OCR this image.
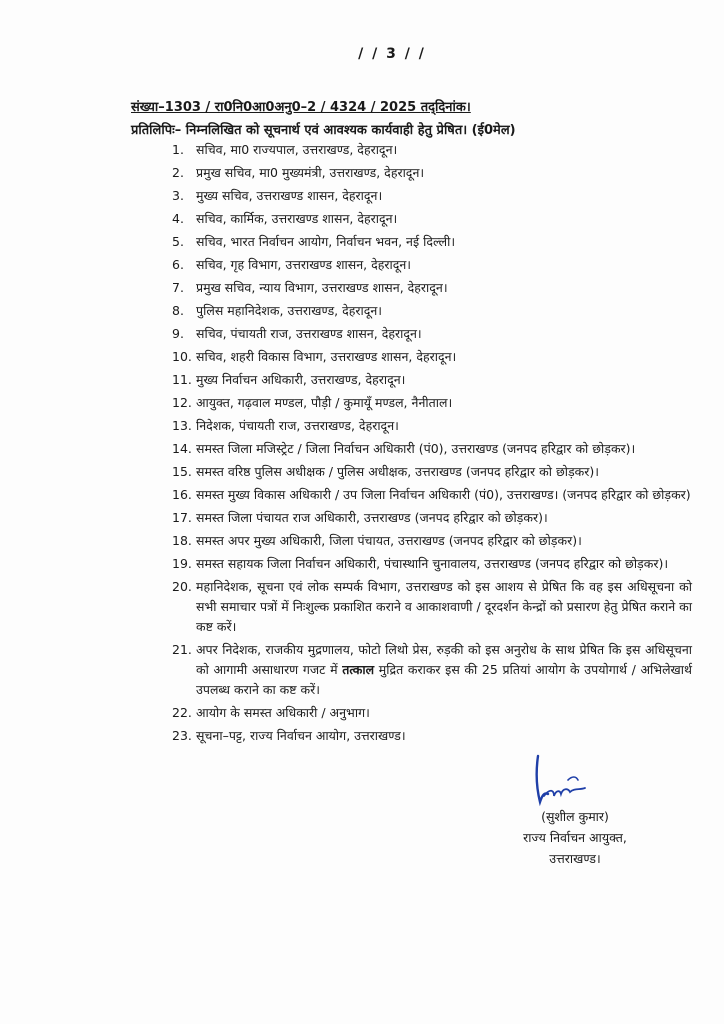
/ / 3 / /
संख्या–1303 / रा0नि0आ0अनु0–2 / 4324 / 2025 तद्‌दिनांक।
प्रतिलिपिः– निम्नलिखित को सूचनार्थ एवं आवश्यक कार्यवाही हेतु प्रेषित। (ई0मेल)
1. सचिव, मा0 राज्यपाल, उत्तराखण्ड, देहरादून।
2. प्रमुख सचिव, मा0 मुख्यमंत्री, उत्तराखण्ड, देहरादून।
3. मुख्य सचिव, उत्तराखण्ड शासन, देहरादून।
4. सचिव, कार्मिक, उत्तराखण्ड शासन, देहरादून।
5. सचिव, भारत निर्वाचन आयोग, निर्वाचन भवन, नई दिल्ली।
6. सचिव, गृह विभाग, उत्तराखण्ड शासन, देहरादून।
7. प्रमुख सचिव, न्याय विभाग, उत्तराखण्ड शासन, देहरादून।
8. पुलिस महानिदेशक, उत्तराखण्ड, देहरादून।
9. सचिव, पंचायती राज, उत्तराखण्ड शासन, देहरादून।
10. सचिव, शहरी विकास विभाग, उत्तराखण्ड शासन, देहरादून।
11. मुख्य निर्वाचन अधिकारी, उत्तराखण्ड, देहरादून।
12. आयुक्त, गढ़वाल मण्डल, पौड़ी / कुमायूँ मण्डल, नैनीताल।
13. निदेशक, पंचायती राज, उत्तराखण्ड, देहरादून।
14. समस्त जिला मजिस्ट्रेट / जिला निर्वाचन अधिकारी (पं0), उत्तराखण्ड (जनपद हरिद्वार को छोड़कर)।
15. समस्त वरिष्ठ पुलिस अधीक्षक / पुलिस अधीक्षक, उत्तराखण्ड (जनपद हरिद्वार को छोड़कर)।
16. समस्त मुख्य विकास अधिकारी / उप जिला निर्वाचन अधिकारी (पं0), उत्तराखण्ड। (जनपद हरिद्वार को छोड़कर)
17. समस्त जिला पंचायत राज अधिकारी, उत्तराखण्ड (जनपद हरिद्वार को छोड़कर)।
18. समस्त अपर मुख्य अधिकारी, जिला पंचायत, उत्तराखण्ड (जनपद हरिद्वार को छोड़कर)।
19. समस्त सहायक जिला निर्वाचन अधिकारी, पंचास्थानि चुनावालय, उत्तराखण्ड (जनपद हरिद्वार को छोड़कर)।
20. महानिदेशक, सूचना एवं लोक सम्पर्क विभाग, उत्तराखण्ड को इस आशय से प्रेषित कि वह इस अधिसूचना को सभी समाचार पत्रों में निःशुल्क प्रकाशित कराने व आकाशवाणी / दूरदर्शन केन्द्रों को प्रसारण हेतु प्रेषित कराने का कष्ट करें।
21. अपर निदेशक, राजकीय मुद्रणालय, फोटो लिथो प्रेस, रुड़की को इस अनुरोध के साथ प्रेषित कि इस अधिसूचना को आगामी असाधारण गजट में तत्काल मुद्रित कराकर इस की 25 प्रतियां आयोग के उपयोगार्थ / अभिलेखार्थ उपलब्ध कराने का कष्ट करें।
22. आयोग के समस्त अधिकारी / अनुभाग।
23. सूचना–पट्ट, राज्य निर्वाचन आयोग, उत्तराखण्ड।
(सुशील कुमार)
राज्य निर्वाचन आयुक्त,
उत्तराखण्ड।
